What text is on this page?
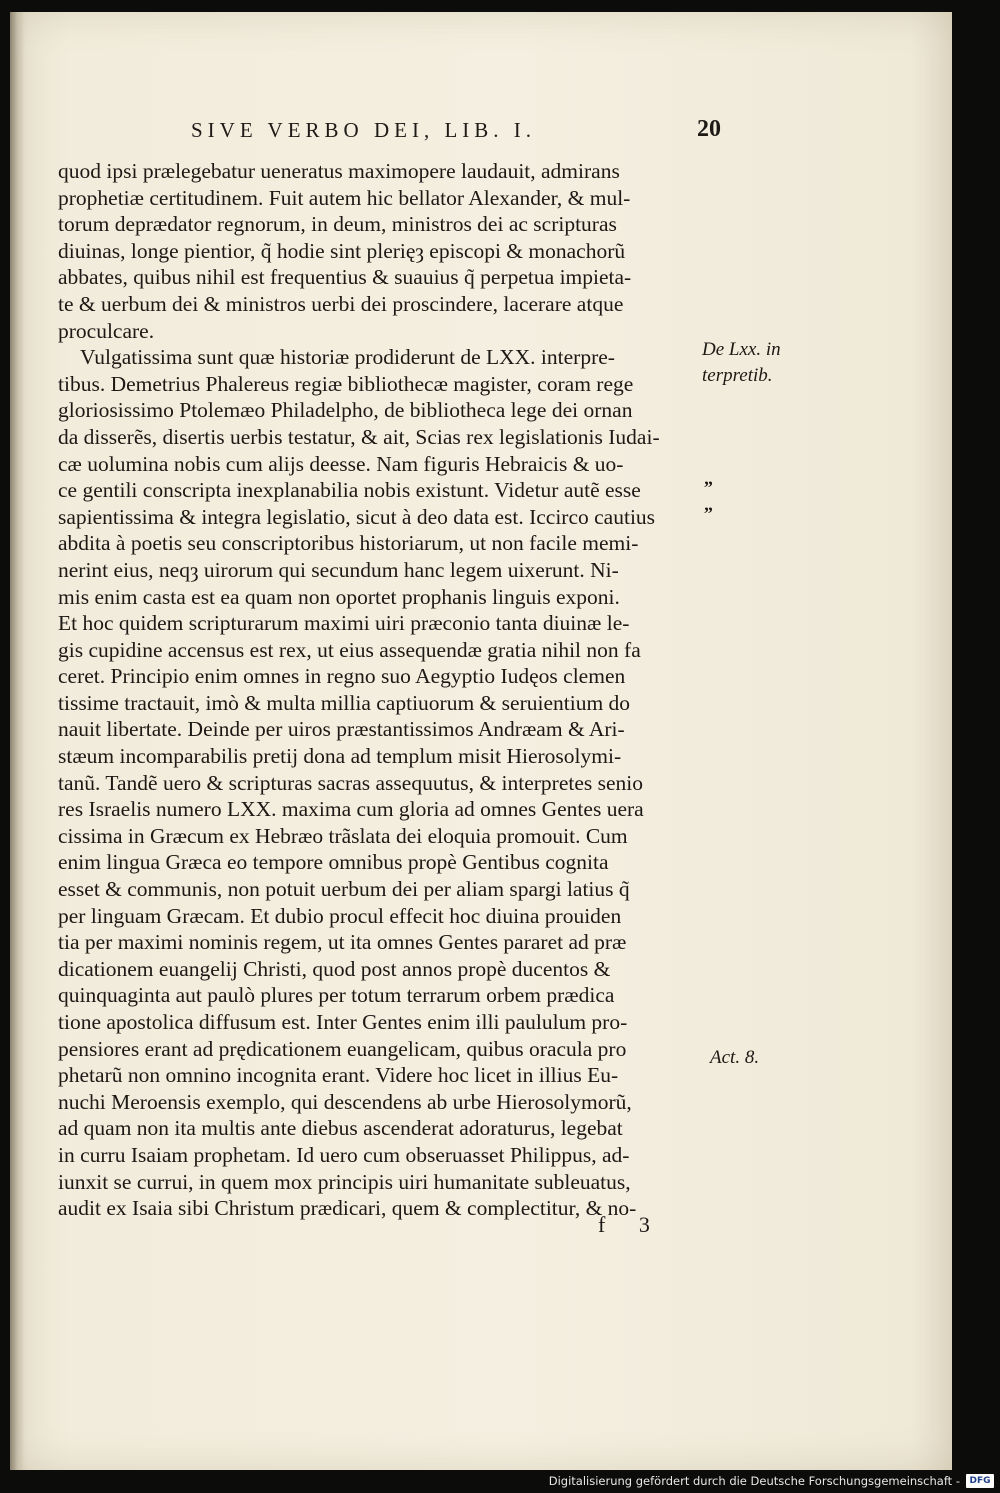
SIVE VERBO DEI, LIB. I.	20
quod ipsi prælegebatur ueneratus maximopere laudauit, admirans
prophetiæ certitudinem. Fuit autem hic bellator Alexander, & mul-
torum deprædator regnorum, in deum, ministros dei ac scripturas
diuinas, longe pientior, q̃ hodie sint plerięȝ episcopi & monachorũ
abbates, quibus nihil est frequentius & suauius q̃ perpetua impieta-
te & uerbum dei & ministros uerbi dei proscindere, lacerare atque
proculcare.
Vulgatissima sunt quæ historiæ prodiderunt de LXX. interpre-
tibus. Demetrius Phalereus regiæ bibliothecæ magister, coram rege
gloriosissimo Ptolemæo Philadelpho, de bibliotheca lege dei ornan
da disserẽs, disertis uerbis testatur, & ait, Scias rex legislationis Iudai-
cæ uolumina nobis cum alijs deesse. Nam figuris Hebraicis & uo-
ce gentili conscripta inexplanabilia nobis existunt. Videtur autẽ esse
sapientissima & integra legislatio, sicut à deo data est. Iccirco cautius
abdita à poetis seu conscriptoribus historiarum, ut non facile memi-
nerint eius, neqȝ uirorum qui secundum hanc legem uixerunt. Ni-
mis enim casta est ea quam non oportet prophanis linguis exponi.
Et hoc quidem scripturarum maximi uiri præconio tanta diuinæ le-
gis cupidine accensus est rex, ut eius assequendæ gratia nihil non fa
ceret. Principio enim omnes in regno suo Aegyptio Iudęos clemen
tissime tractauit, imò & multa millia captiuorum & seruientium do
nauit libertate. Deinde per uiros præstantissimos Andræam & Ari-
stæum incomparabilis pretij dona ad templum misit Hierosolymi-
tanũ. Tandẽ uero & scripturas sacras assequutus, & interpretes senio
res Israelis numero LXX. maxima cum gloria ad omnes Gentes uera
cissima in Græcum ex Hebræo trãslata dei eloquia promouit. Cum
enim lingua Græca eo tempore omnibus propè Gentibus cognita
esset & communis, non potuit uerbum dei per aliam spargi latius q̃
per linguam Græcam. Et dubio procul effecit hoc diuina prouiden
tia per maximi nominis regem, ut ita omnes Gentes pararet ad præ
dicationem euangelij Christi, quod post annos propè ducentos &
quinquaginta aut paulò plures per totum terrarum orbem prædica
tione apostolica diffusum est. Inter Gentes enim illi paululum pro-
pensiores erant ad prędicationem euangelicam, quibus oracula pro
phetarũ non omnino incognita erant. Videre hoc licet in illius Eu-
nuchi Meroensis exemplo, qui descendens ab urbe Hierosolymorũ,
ad quam non ita multis ante diebus ascenderat adoraturus, legebat
in curru Isaiam prophetam. Id uero cum obseruasset Philippus, ad-
iunxit se currui, in quem mox principis uiri humanitate subleuatus,
audit ex Isaia sibi Christum prædicari, quem & complectitur, & no-
De Lxx. in
terpretib.
Act. 8.
„
„
f 3
Digitalisierung gefördert durch die Deutsche Forschungsgemeinschaft -	DFG
